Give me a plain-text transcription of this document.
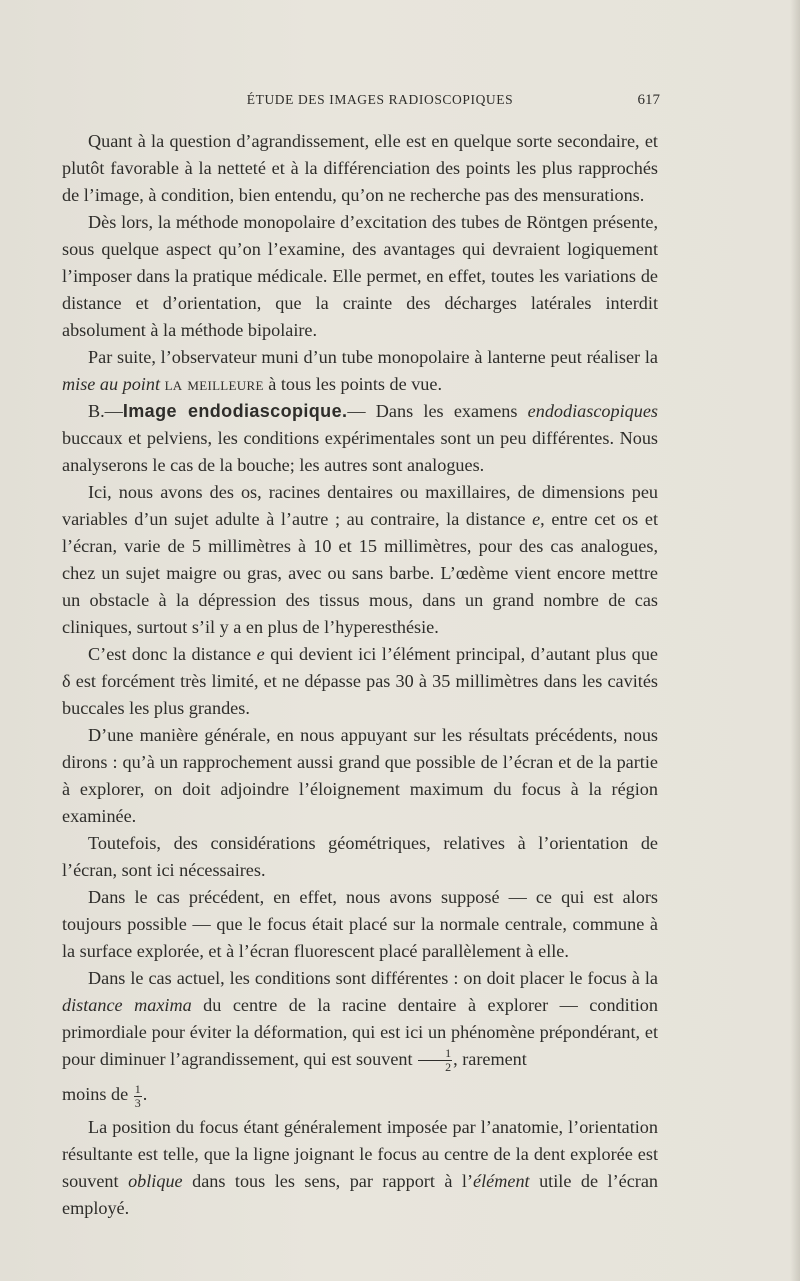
ÉTUDE DES IMAGES RADIOSCOPIQUES	617

Quant à la question d’agrandissement, elle est en quelque sorte secondaire, et plutôt favorable à la netteté et à la différenciation des points les plus rapprochés de l’image, à condition, bien entendu, qu’on ne recherche pas des mensurations.

Dès lors, la méthode monopolaire d’excitation des tubes de Röntgen présente, sous quelque aspect qu’on l’examine, des avantages qui devraient logiquement l’imposer dans la pratique médicale. Elle permet, en effet, toutes les variations de distance et d’orientation, que la crainte des décharges latérales interdit absolument à la méthode bipolaire.

Par suite, l’observateur muni d’un tube monopolaire à lanterne peut réaliser la mise au point la meilleure à tous les points de vue.

B.—Image endodiascopique.— Dans les examens endodiascopiques buccaux et pelviens, les conditions expérimentales sont un peu différentes. Nous analyserons le cas de la bouche; les autres sont analogues.

Ici, nous avons des os, racines dentaires ou maxillaires, de dimensions peu variables d’un sujet adulte à l’autre ; au contraire, la distance e, entre cet os et l’écran, varie de 5 millimètres à 10 et 15 millimètres, pour des cas analogues, chez un sujet maigre ou gras, avec ou sans barbe. L’œdème vient encore mettre un obstacle à la dépression des tissus mous, dans un grand nombre de cas cliniques, surtout s’il y a en plus de l’hyperesthésie.

C’est donc la distance e qui devient ici l’élément principal, d’autant plus que δ est forcément très limité, et ne dépasse pas 30 à 35 millimètres dans les cavités buccales les plus grandes.

D’une manière générale, en nous appuyant sur les résultats précédents, nous dirons : qu’à un rapprochement aussi grand que possible de l’écran et de la partie à explorer, on doit adjoindre l’éloignement maximum du focus à la région examinée.

Toutefois, des considérations géométriques, relatives à l’orientation de l’écran, sont ici nécessaires.

Dans le cas précédent, en effet, nous avons supposé — ce qui est alors toujours possible — que le focus était placé sur la normale centrale, commune à la surface explorée, et à l’écran fluorescent placé parallèlement à elle.

Dans le cas actuel, les conditions sont différentes : on doit placer le focus à la distance maxima du centre de la racine dentaire à explorer — condition primordiale pour éviter la déformation, qui est ici un phénomène prépondérant, et pour diminuer l’agrandissement, qui est souvent $\frac{1}{2}$ , rarement

moins de $\frac{1}{3}$ .

La position du focus étant généralement imposée par l’anatomie, l’orientation résultante est telle, que la ligne joignant le focus au centre de la dent explorée est souvent oblique dans tous les sens, par rapport à l’élément utile de l’écran employé.
